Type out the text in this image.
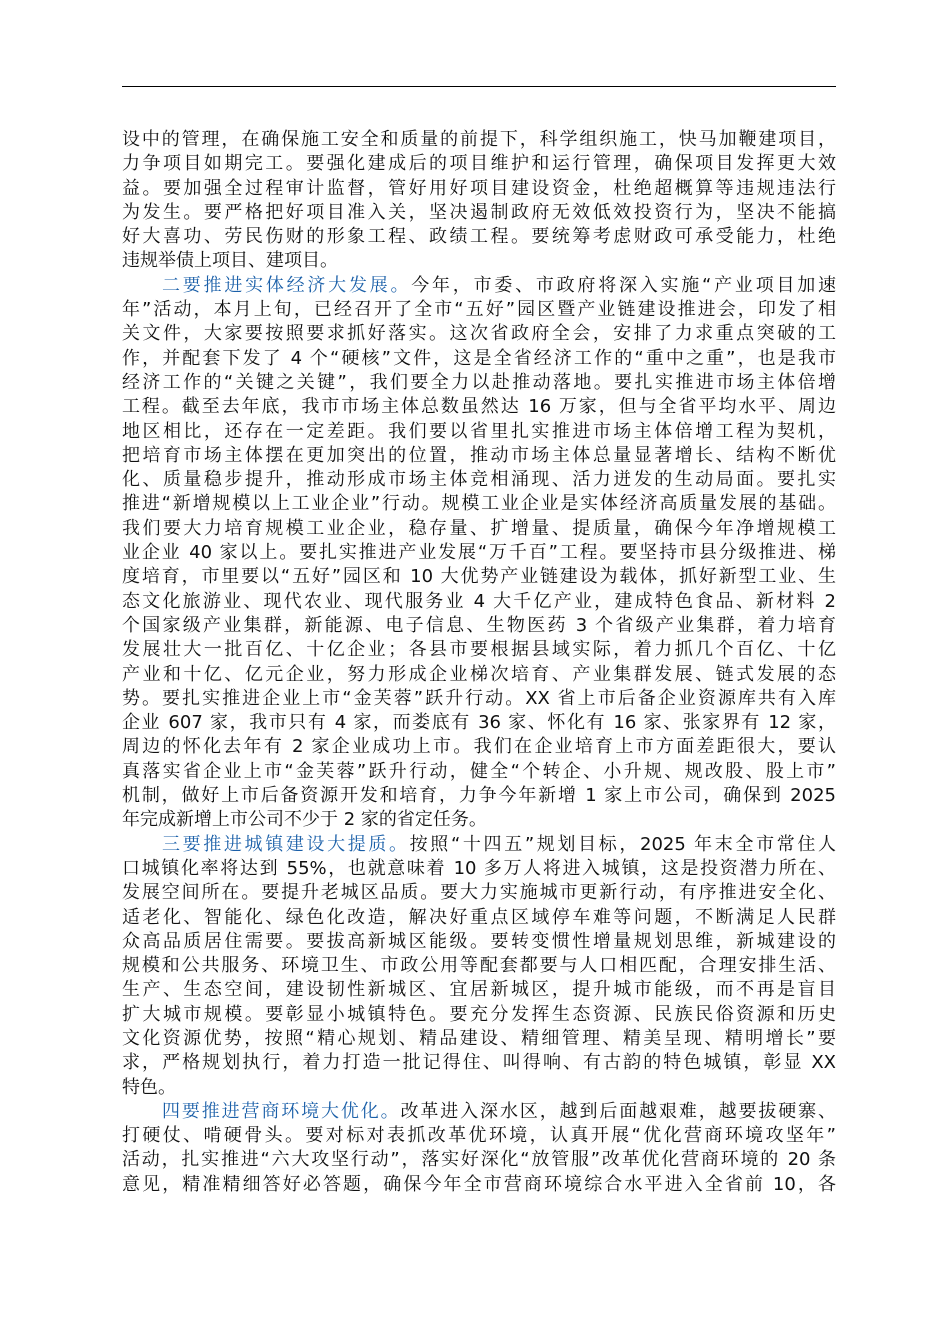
设中的管理，在确保施工安全和质量的前提下，科学组织施工，快马加鞭建项目，
力争项目如期完工。要强化建成后的项目维护和运行管理，确保项目发挥更大效
益。要加强全过程审计监督，管好用好项目建设资金，杜绝超概算等违规违法行
为发生。要严格把好项目准入关，坚决遏制政府无效低效投资行为，坚决不能搞
好大喜功、劳民伤财的形象工程、政绩工程。要统筹考虑财政可承受能力，杜绝
违规举债上项目、建项目。
二要推进实体经济大发展。今年，市委、市政府将深入实施“产业项目加速
年”活动，本月上旬，已经召开了全市“五好”园区暨产业链建设推进会，印发了相
关文件，大家要按照要求抓好落实。这次省政府全会，安排了力求重点突破的工
作，并配套下发了 4 个“硬核”文件，这是全省经济工作的“重中之重”，也是我市
经济工作的“关键之关键”，我们要全力以赴推动落地。要扎实推进市场主体倍增
工程。截至去年底，我市市场主体总数虽然达 16 万家，但与全省平均水平、周边
地区相比，还存在一定差距。我们要以省里扎实推进市场主体倍增工程为契机，
把培育市场主体摆在更加突出的位置，推动市场主体总量显著增长、结构不断优
化、质量稳步提升，推动形成市场主体竞相涌现、活力迸发的生动局面。要扎实
推进“新增规模以上工业企业”行动。规模工业企业是实体经济高质量发展的基础。
我们要大力培育规模工业企业，稳存量、扩增量、提质量，确保今年净增规模工
业企业 40 家以上。要扎实推进产业发展“万千百”工程。要坚持市县分级推进、梯
度培育，市里要以“五好”园区和 10 大优势产业链建设为载体，抓好新型工业、生
态文化旅游业、现代农业、现代服务业 4 大千亿产业，建成特色食品、新材料 2
个国家级产业集群，新能源、电子信息、生物医药 3 个省级产业集群，着力培育
发展壮大一批百亿、十亿企业；各县市要根据县域实际，着力抓几个百亿、十亿
产业和十亿、亿元企业，努力形成企业梯次培育、产业集群发展、链式发展的态
势。要扎实推进企业上市“金芙蓉”跃升行动。XX 省上市后备企业资源库共有入库
企业 607 家，我市只有 4 家，而娄底有 36 家、怀化有 16 家、张家界有 12 家，
周边的怀化去年有 2 家企业成功上市。我们在企业培育上市方面差距很大，要认
真落实省企业上市“金芙蓉”跃升行动，健全“个转企、小升规、规改股、股上市”
机制，做好上市后备资源开发和培育，力争今年新增 1 家上市公司，确保到 2025
年完成新增上市公司不少于 2 家的省定任务。
三要推进城镇建设大提质。按照“十四五”规划目标，2025 年末全市常住人
口城镇化率将达到 55%，也就意味着 10 多万人将进入城镇，这是投资潜力所在、
发展空间所在。要提升老城区品质。要大力实施城市更新行动，有序推进安全化、
适老化、智能化、绿色化改造，解决好重点区域停车难等问题，不断满足人民群
众高品质居住需要。要拔高新城区能级。要转变惯性增量规划思维，新城建设的
规模和公共服务、环境卫生、市政公用等配套都要与人口相匹配，合理安排生活、
生产、生态空间，建设韧性新城区、宜居新城区，提升城市能级，而不再是盲目
扩大城市规模。要彰显小城镇特色。要充分发挥生态资源、民族民俗资源和历史
文化资源优势，按照“精心规划、精品建设、精细管理、精美呈现、精明增长”要
求，严格规划执行，着力打造一批记得住、叫得响、有古韵的特色城镇，彰显 XX
特色。
四要推进营商环境大优化。改革进入深水区，越到后面越艰难，越要拔硬寨、
打硬仗、啃硬骨头。要对标对表抓改革优环境，认真开展“优化营商环境攻坚年”
活动，扎实推进“六大攻坚行动”，落实好深化“放管服”改革优化营商环境的 20 条
意见，精准精细答好必答题，确保今年全市营商环境综合水平进入全省前 10，各
